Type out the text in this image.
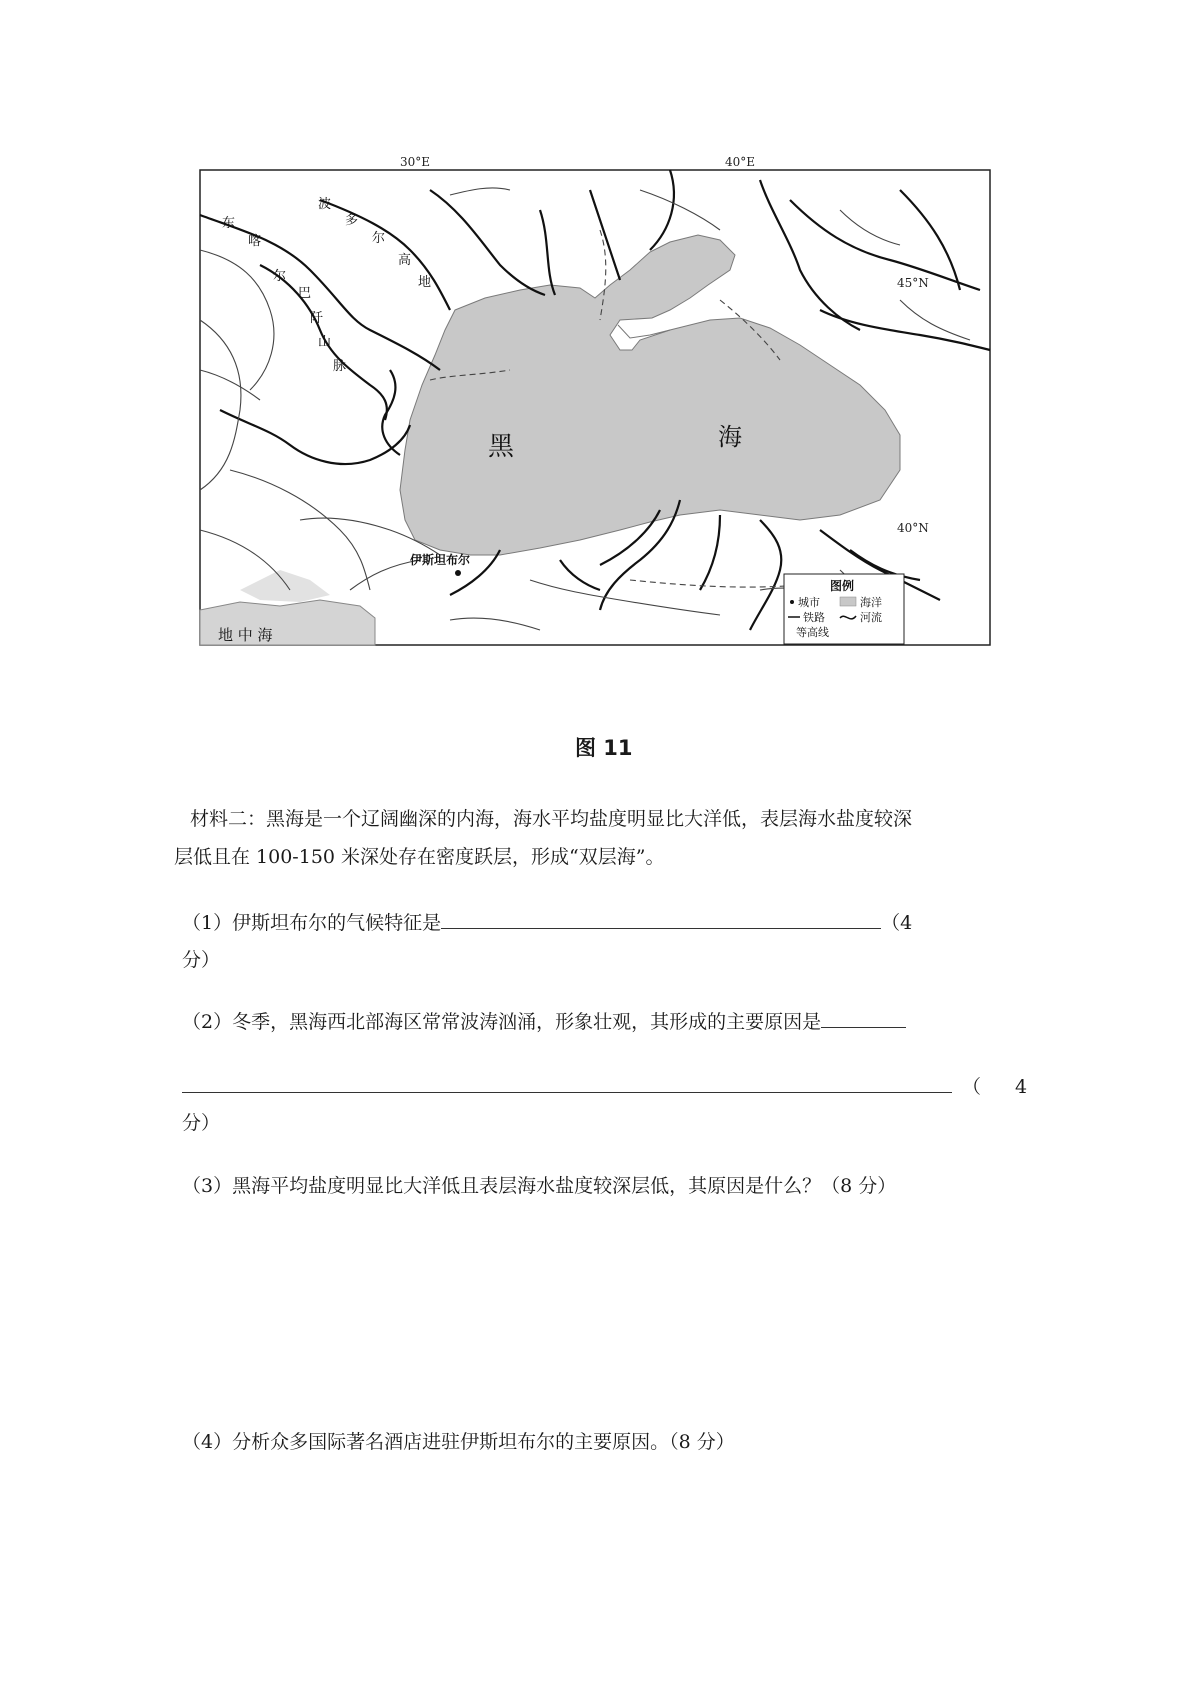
30°E	40°E
45°N
40°N
黑	海
地 中 海
东
喀
尔
巴
阡
山
脉
波
多
尔
高
地
伊斯坦布尔
图例
城市	海洋
铁路	河流
等高线
图 11
材料二：黑海是一个辽阔幽深的内海，海水平均盐度明显比大洋低，表层海水盐度较深
层低且在 100-150 米深处存在密度跃层，形成“双层海”。
（1）伊斯坦布尔的气候特征是	（4
分）
（2）冬季，黑海西北部海区常常波涛汹涌，形象壮观，其形成的主要原因是
（ 4
分）
（3）黑海平均盐度明显比大洋低且表层海水盐度较深层低，其原因是什么？（8 分）
（4）分析众多国际著名酒店进驻伊斯坦布尔的主要原因。（8 分）
